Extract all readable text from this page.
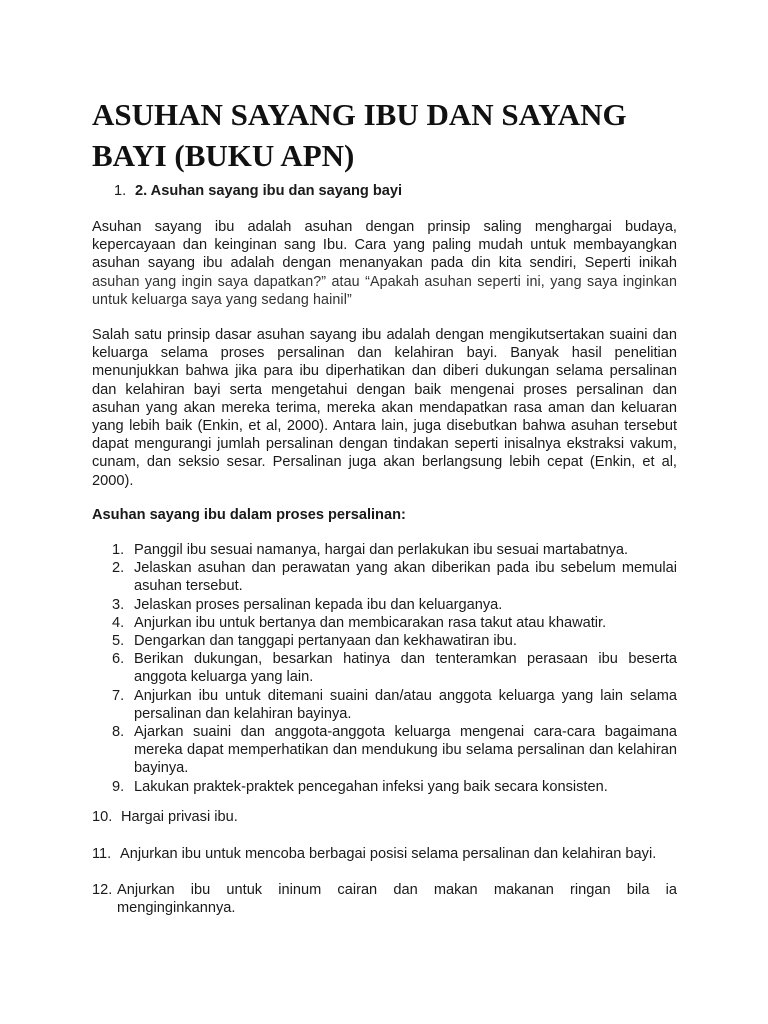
ASUHAN SAYANG IBU DAN SAYANG BAYI (BUKU APN)
1. 2. Asuhan sayang ibu dan sayang bayi

Asuhan sayang ibu adalah asuhan dengan prinsip saling menghargai budaya, kepercayaan dan keinginan sang Ibu. Cara yang paling mudah untuk membayangkan asuhan sayang ibu adalah dengan menanyakan pada din kita sendiri, Seperti inikah asuhan yang ingin saya dapatkan?” atau “Apakah asuhan seperti ini, yang saya inginkan untuk keluarga saya yang sedang hainil”

Salah satu prinsip dasar asuhan sayang ibu adalah dengan mengikutsertakan suaini dan keluarga selama proses persalinan dan kelahiran bayi. Banyak hasil penelitian menunjukkan bahwa jika para ibu diperhatikan dan diberi dukungan selama persalinan dan kelahiran bayi serta mengetahui dengan baik mengenai proses persalinan dan asuhan yang akan mereka terima, mereka akan mendapatkan rasa aman dan keluaran yang lebih baik (Enkin, et al, 2000). Antara lain, juga disebutkan bahwa asuhan tersebut dapat mengurangi jumlah persalinan dengan tindakan seperti inisalnya ekstraksi vakum, cunam, dan seksio sesar. Persalinan juga akan berlangsung lebih cepat (Enkin, et al, 2000).

Asuhan sayang ibu dalam proses persalinan:

1. Panggil ibu sesuai namanya, hargai dan perlakukan ibu sesuai martabatnya.
2. Jelaskan asuhan dan perawatan yang akan diberikan pada ibu sebelum memulai asuhan tersebut.
3. Jelaskan proses persalinan kepada ibu dan keluarganya.
4. Anjurkan ibu untuk bertanya dan membicarakan rasa takut atau khawatir.
5. Dengarkan dan tanggapi pertanyaan dan kekhawatiran ibu.
6. Berikan dukungan, besarkan hatinya dan tenteramkan perasaan ibu beserta anggota keluarga yang lain.
7. Anjurkan ibu untuk ditemani suaini dan/atau anggota keluarga yang lain selama persalinan dan kelahiran bayinya.
8. Ajarkan suaini dan anggota-anggota keluarga mengenai cara-cara bagaimana mereka dapat memperhatikan dan mendukung ibu selama persalinan dan kelahiran bayinya.
9. Lakukan praktek-praktek pencegahan infeksi yang baik secara konsisten.
10. Hargai privasi ibu.
11. Anjurkan ibu untuk mencoba berbagai posisi selama persalinan dan kelahiran bayi.
12. Anjurkan ibu untuk ininum cairan dan makan makanan ringan bila ia menginginkannya.
